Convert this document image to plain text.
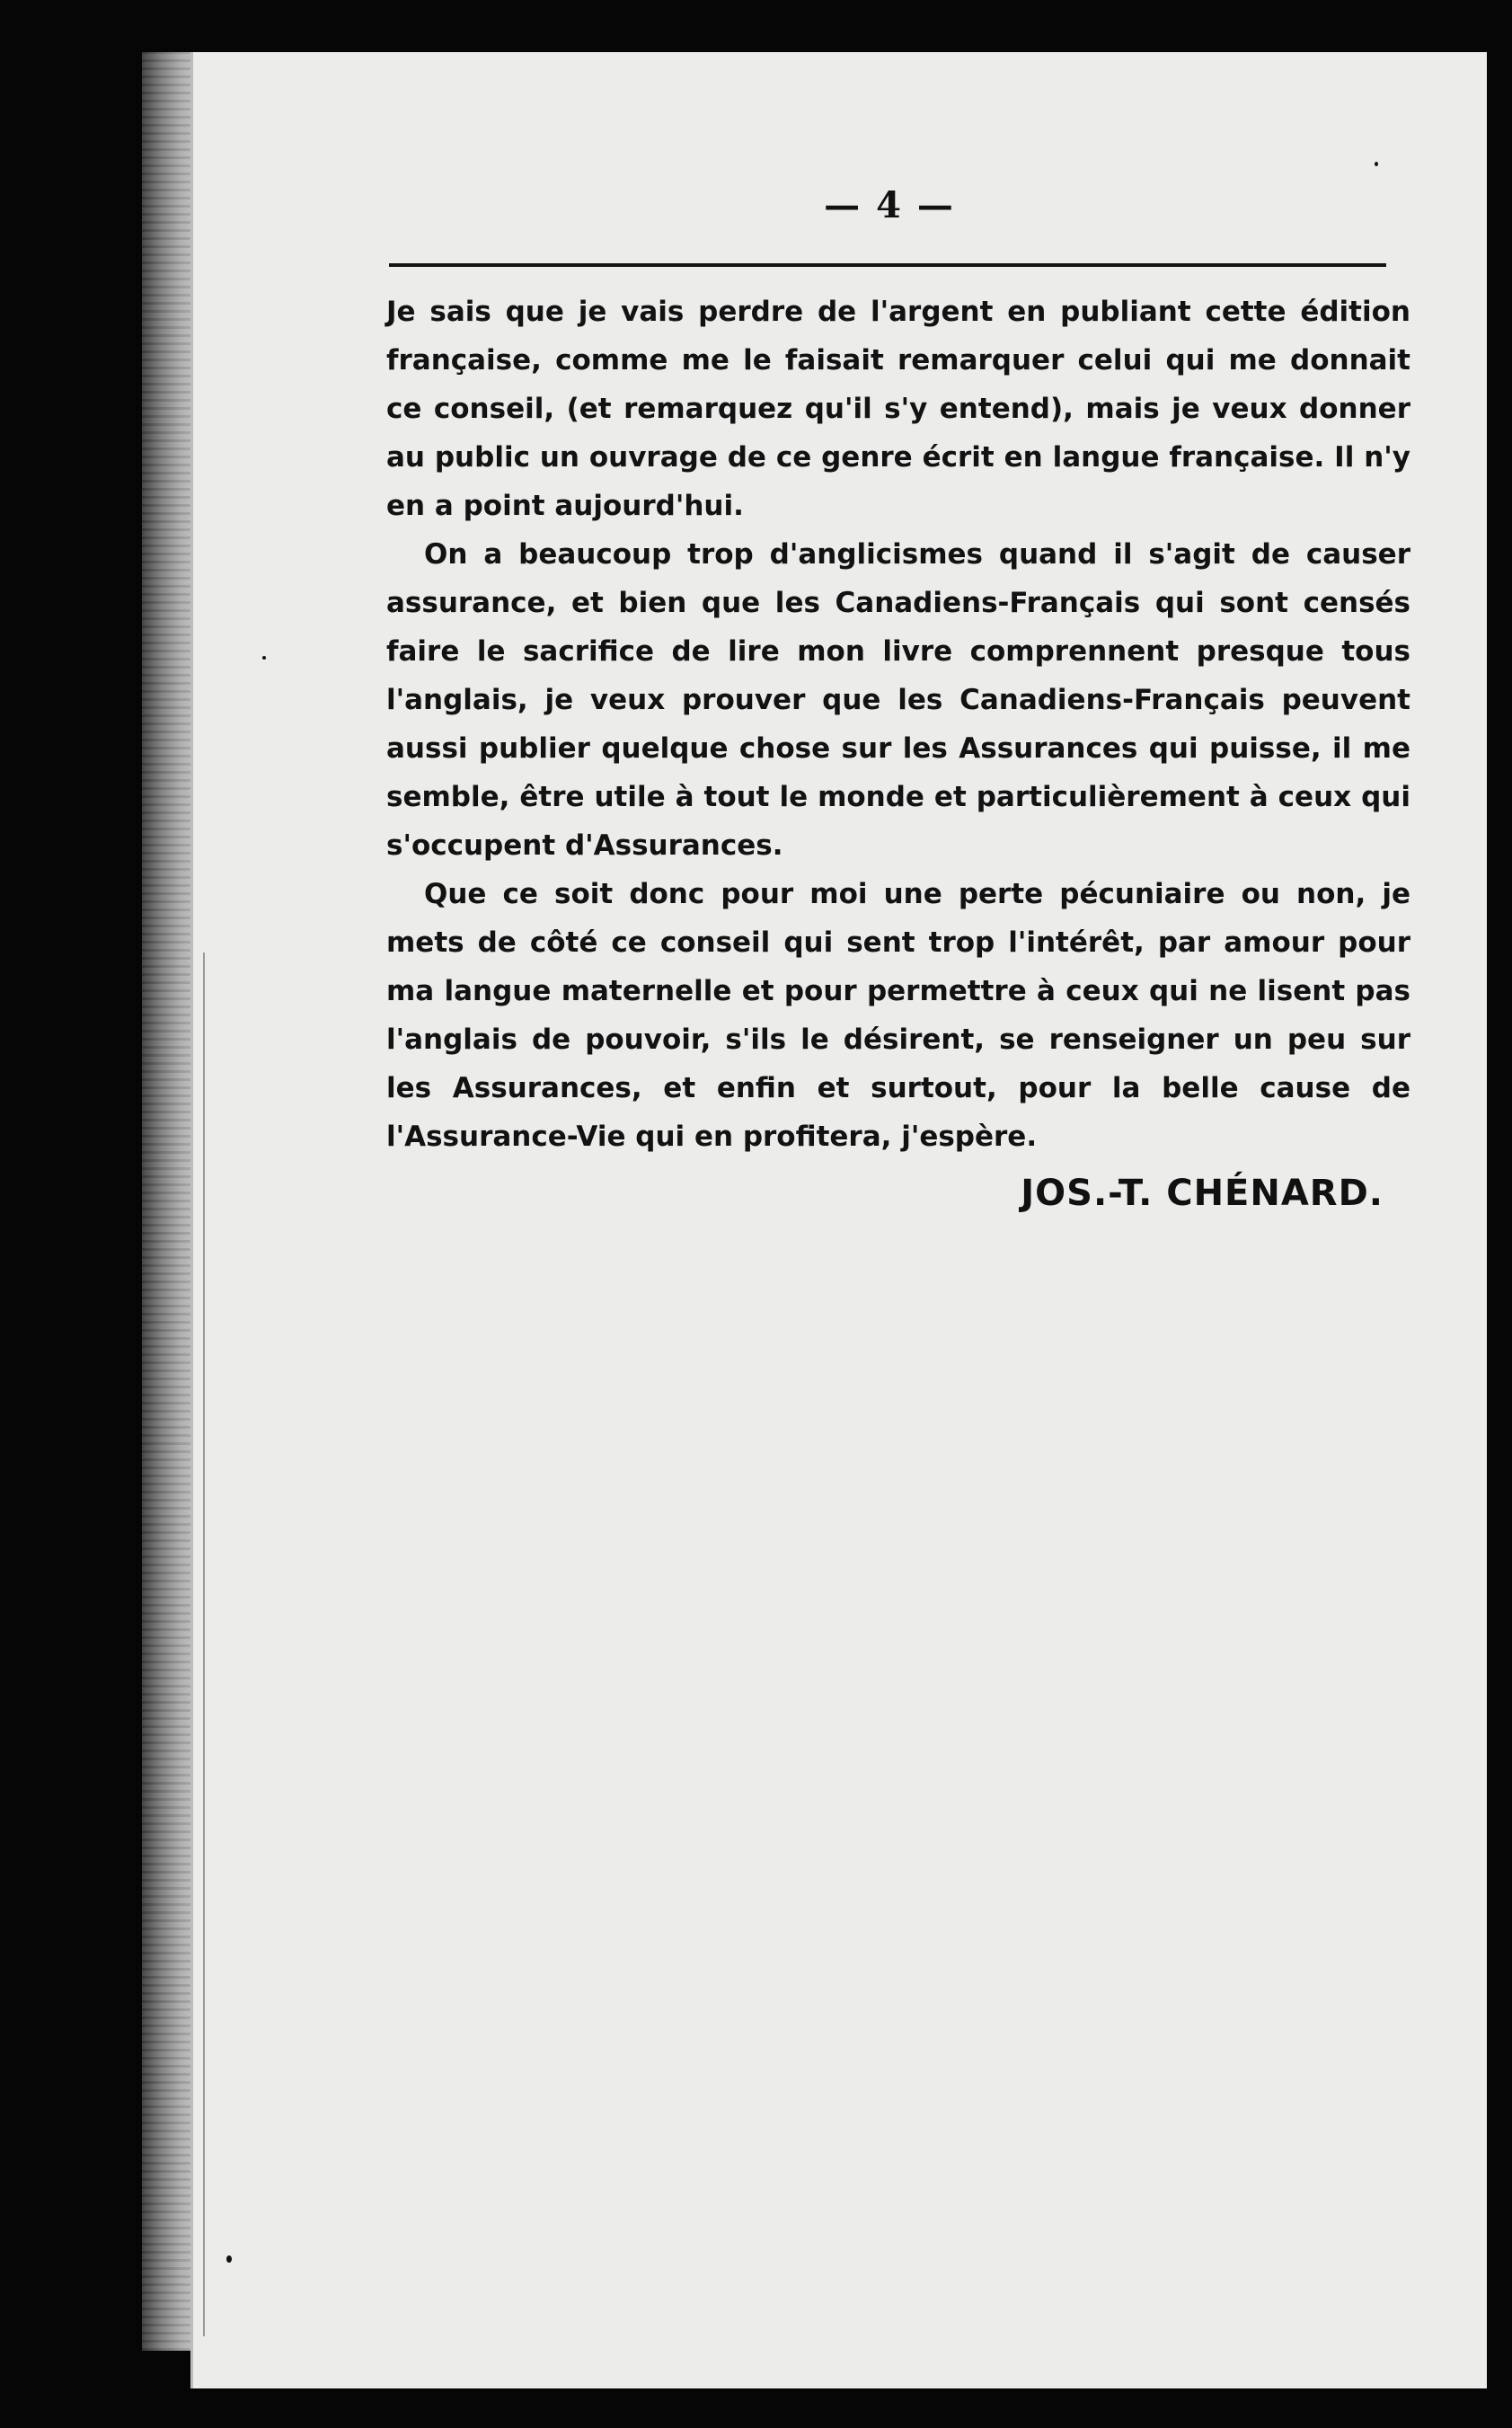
— 4 —

Je sais que je vais perdre de l'argent en publiant cette édition française, comme me le faisait remarquer celui qui me donnait ce conseil, (et remarquez qu'il s'y entend), mais je veux donner au public un ouvrage de ce genre écrit en langue française. Il n'y en a point aujourd'hui.

On a beaucoup trop d'anglicismes quand il s'agit de causer assurance, et bien que les Canadiens-Français qui sont censés faire le sacrifice de lire mon livre comprennent presque tous l'anglais, je veux prouver que les Canadiens-Français peuvent aussi publier quelque chose sur les Assurances qui puisse, il me semble, être utile à tout le monde et particulièrement à ceux qui s'occupent d'Assurances.

Que ce soit donc pour moi une perte pécuniaire ou non, je mets de côté ce conseil qui sent trop l'intérêt, par amour pour ma langue maternelle et pour permettre à ceux qui ne lisent pas l'anglais de pouvoir, s'ils le désirent, se renseigner un peu sur les Assurances, et enfin et surtout, pour la belle cause de l'Assurance-Vie qui en profitera, j'espère.

JOS.-T. CHÉNARD.
